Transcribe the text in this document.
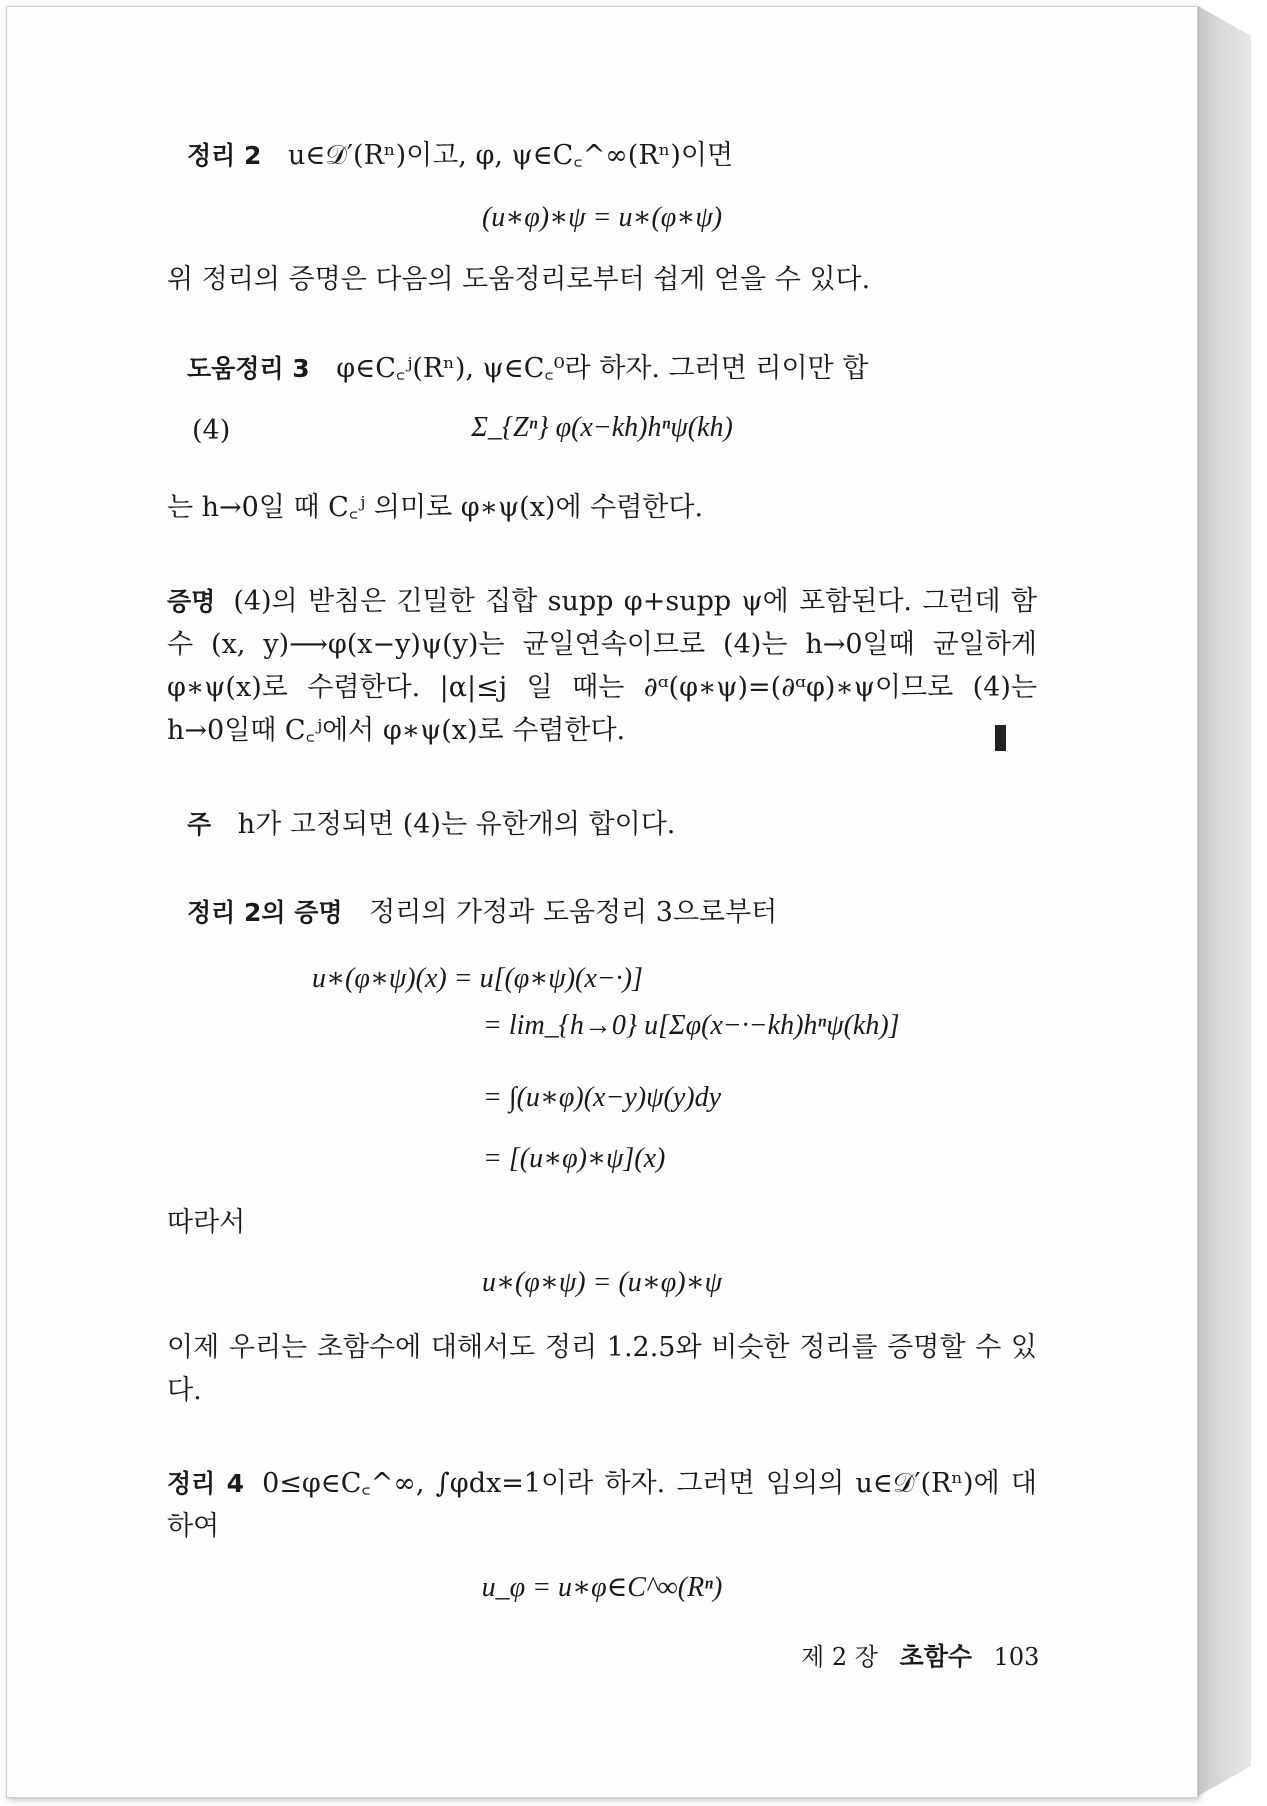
정리 2 u∈𝒟′(Rⁿ)이고, φ, ψ∈C꜀^∞(Rⁿ)이면
(u∗φ)∗ψ = u∗(φ∗ψ)
위 정리의 증명은 다음의 도움정리로부터 쉽게 얻을 수 있다.
도움정리 3 φ∈C꜀ʲ(Rⁿ), ψ∈C꜀⁰라 하자. 그러면 리이만 합
(4)	Σ_{Zⁿ} φ(x−kh)hⁿψ(kh)
는 h→0일 때 C꜀ʲ 의미로 φ∗ψ(x)에 수렴한다.
증명 (4)의 받침은 긴밀한 집합 supp φ+supp ψ에 포함된다. 그런데 함수 (x, y)⟶φ(x−y)ψ(y)는 균일연속이므로 (4)는 h→0일때 균일하게 φ∗ψ(x)로 수렴한다. |α|≤j 일 때는 ∂ᵅ(φ∗ψ)=(∂ᵅφ)∗ψ이므로 (4)는 h→0일때 C꜀ʲ에서 φ∗ψ(x)로 수렴한다.
주 h가 고정되면 (4)는 유한개의 합이다.
정리 2의 증명 정리의 가정과 도움정리 3으로부터
u∗(φ∗ψ)(x) = u[(φ∗ψ)(x−·)]
= lim_{h→0} u[Σφ(x−·−kh)hⁿψ(kh)]
= ∫(u∗φ)(x−y)ψ(y)dy
= [(u∗φ)∗ψ](x)
따라서
u∗(φ∗ψ) = (u∗φ)∗ψ
이제 우리는 초함수에 대해서도 정리 1.2.5와 비슷한 정리를 증명할 수 있다.
정리 4 0≤φ∈C꜀^∞, ∫φdx=1이라 하자. 그러면 임의의 u∈𝒟′(Rⁿ)에 대하여
u_φ = u∗φ∈C^∞(Rⁿ)
제 2 장 초함수 103
